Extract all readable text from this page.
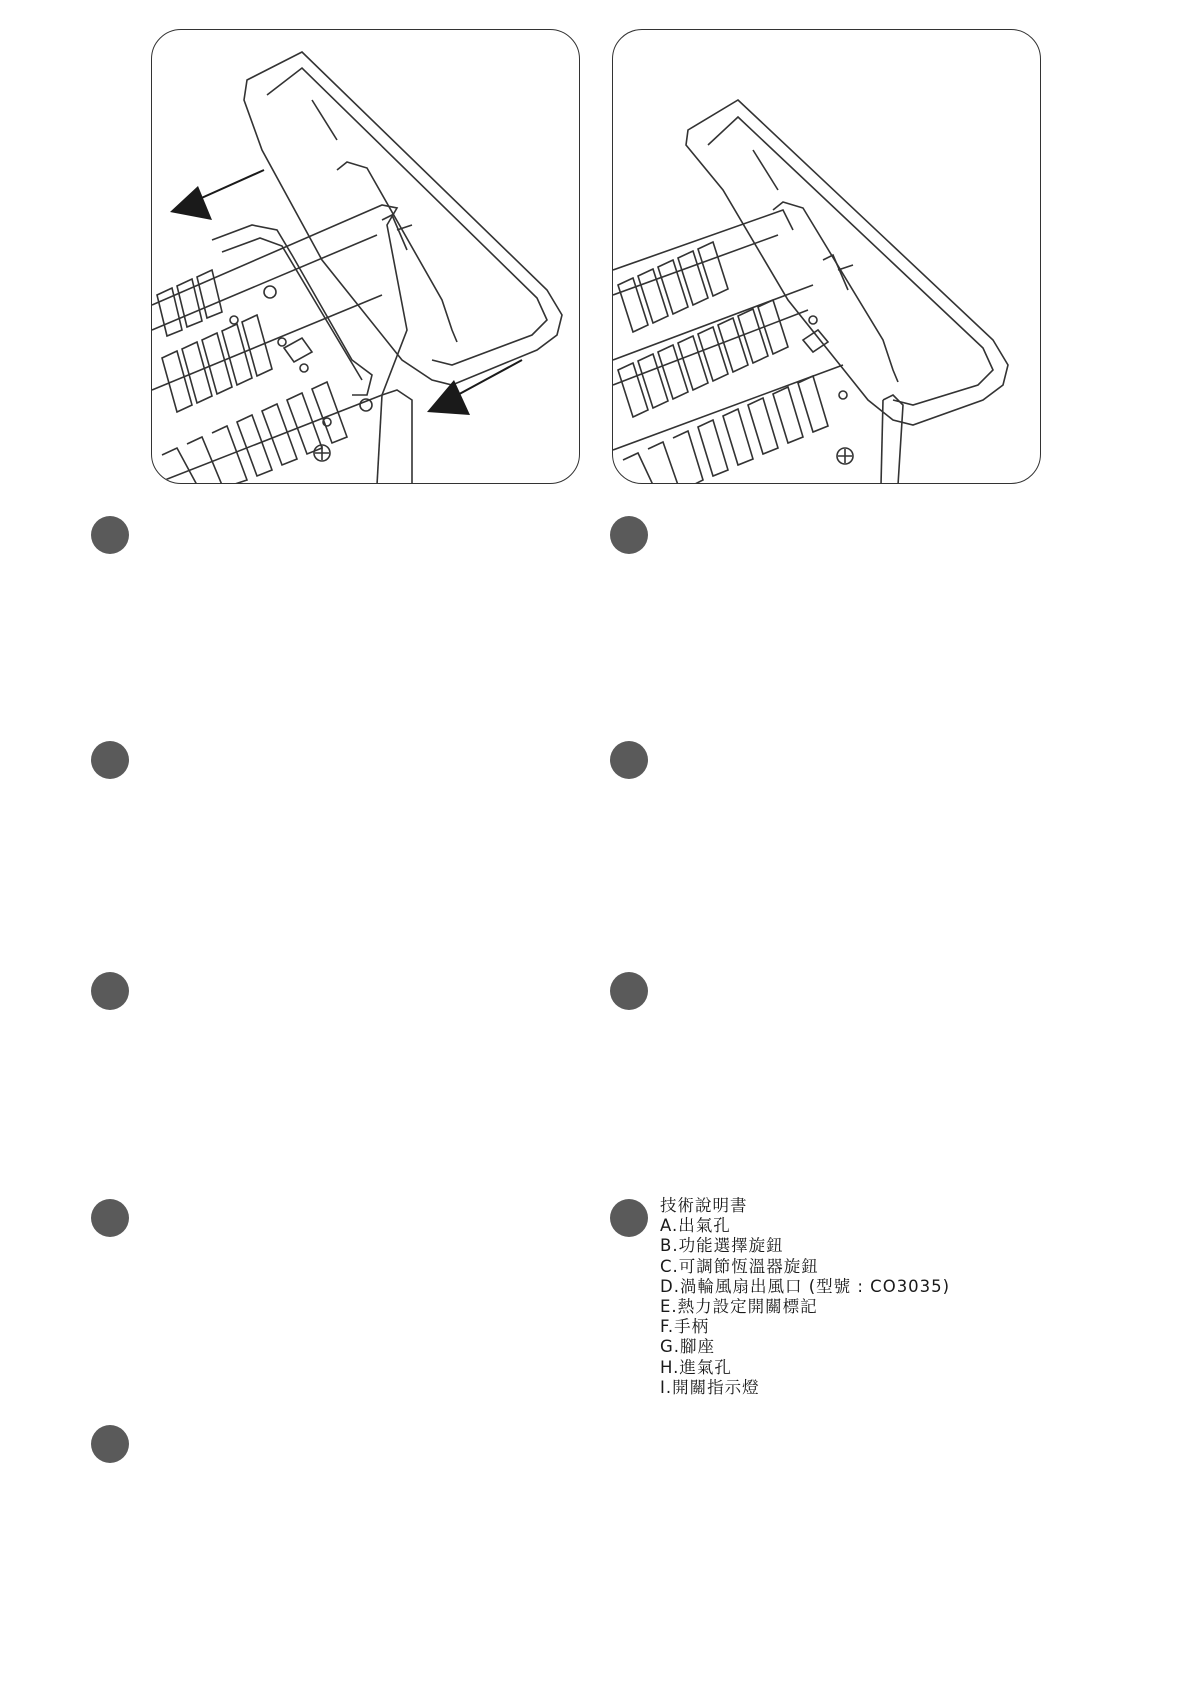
技術說明書
A.出氣孔
B.功能選擇旋鈕
C.可調節恆溫器旋鈕
D.渦輪風扇出風口 (型號 : CO3035)
E.熱力設定開關標記
F.手柄
G.腳座
H.進氣孔
I.開關指示燈
